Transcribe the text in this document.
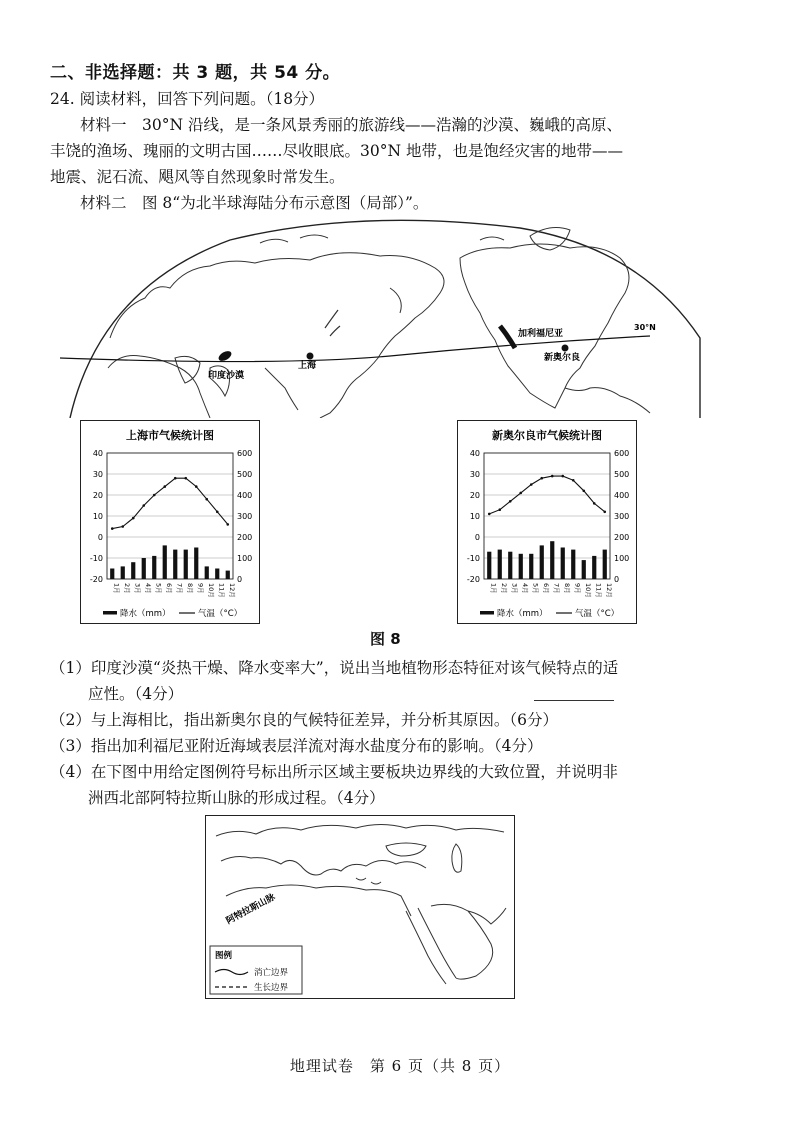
二、非选择题：共 3 题，共 54 分。
24. 阅读材料，回答下列问题。（18分）
材料一　30°N 沿线，是一条风景秀丽的旅游线——浩瀚的沙漠、巍峨的高原、
丰饶的渔场、瑰丽的文明古国……尽收眼底。30°N 地带，也是饱经灾害的地带——
地震、泥石流、飓风等自然现象时常发生。
材料二　图 8“为北半球海陆分布示意图（局部）”。
印度沙漠
上海
加利福尼亚
新奥尔良
30°N
上海市气候统计图
40
30
20
10
0
-10
-20
600
500
400
300
200
100
0
1月 2月 3月 4月 5月 6月 7月 8月 9月 10月 11月 12月
降水（mm）	气温（°C）
新奥尔良市气候统计图
40
30
20
10
0
-10
-20
600
500
400
300
200
100
0
1月 2月 3月 4月 5月 6月 7月 8月 9月 10月 11月 12月
降水（mm）	气温（°C）
图 8
（1）印度沙漠“炎热干燥、降水变率大”，说出当地植物形态特征对该气候特点的适
应性。（4分）
（2）与上海相比，指出新奥尔良的气候特征差异，并分析其原因。（6分）
（3）指出加利福尼亚附近海域表层洋流对海水盐度分布的影响。（4分）
（4）在下图中用给定图例符号标出所示区域主要板块边界线的大致位置，并说明非
洲西北部阿特拉斯山脉的形成过程。（4分）
阿特拉斯山脉
图例
消亡边界
生长边界
地理试卷　第 6 页（共 8 页）
